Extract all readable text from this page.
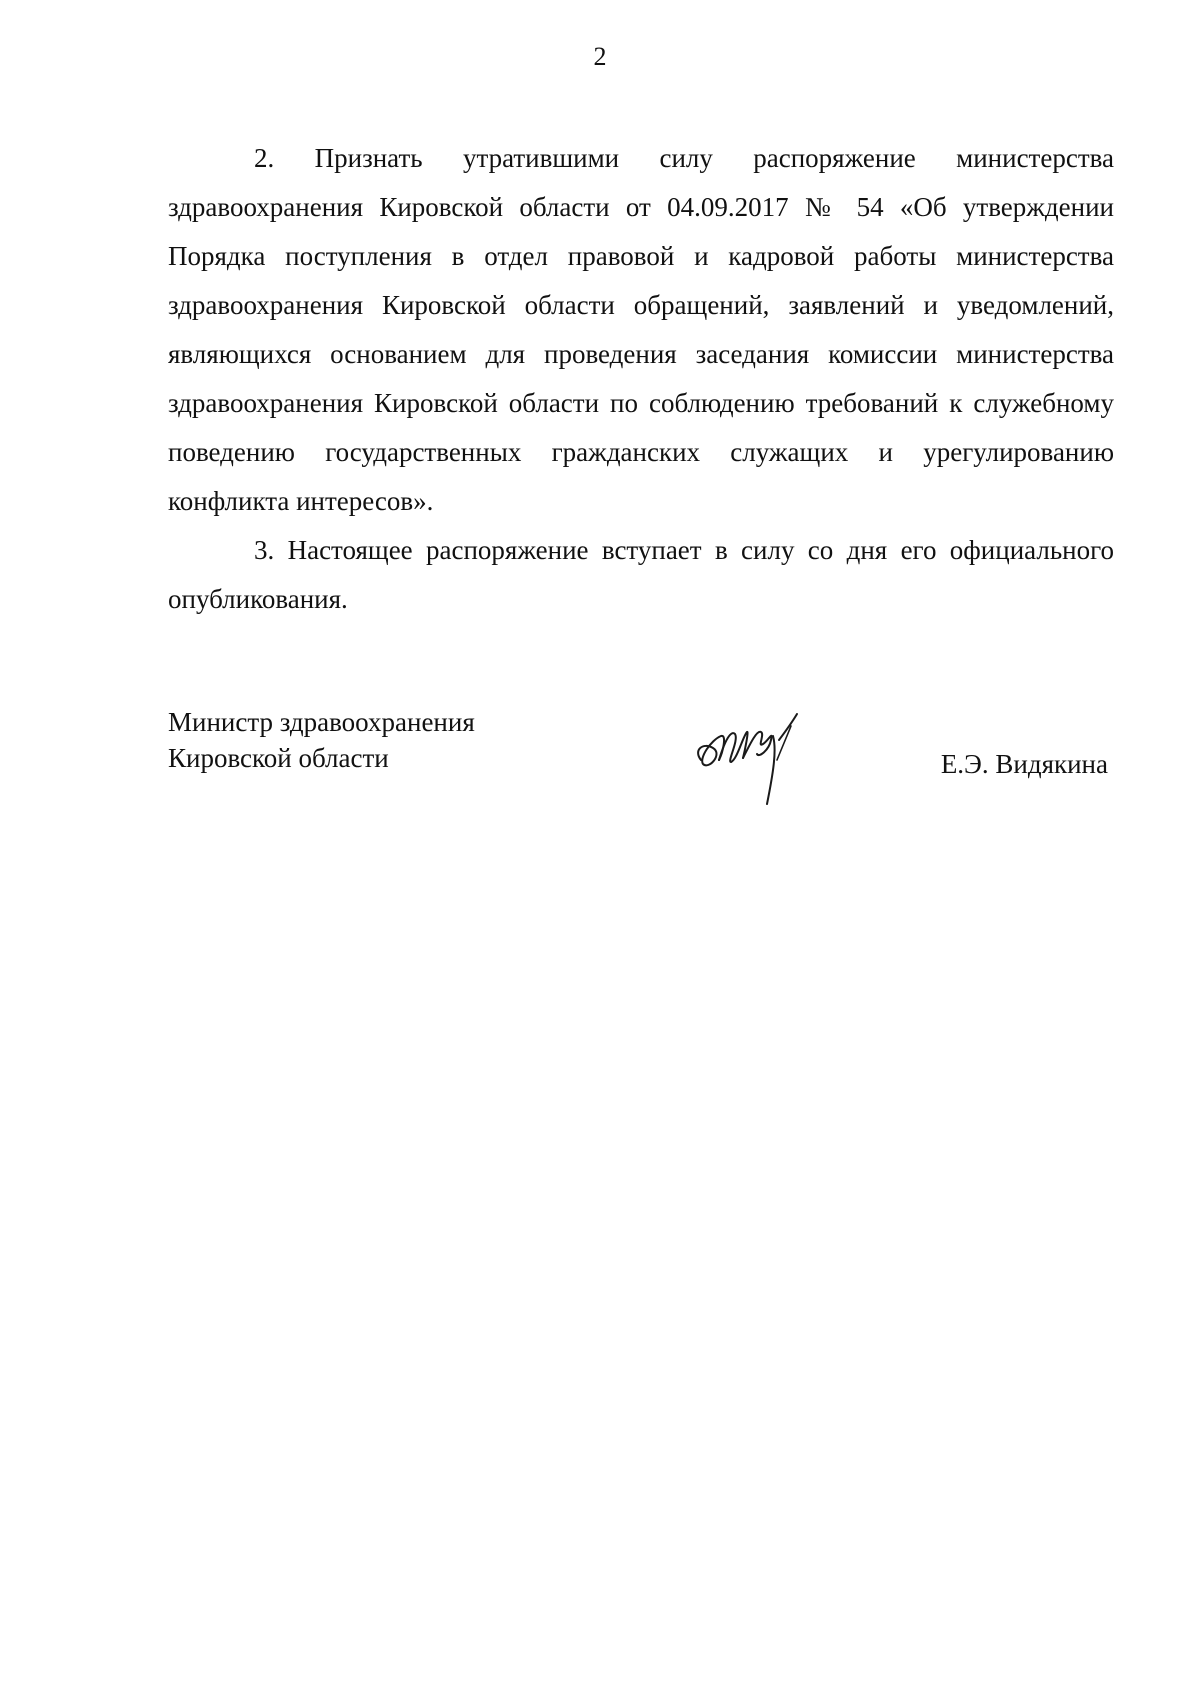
2

2. Признать утратившими силу распоряжение министерства здравоохранения Кировской области от 04.09.2017 № 54 «Об утверждении Порядка поступления в отдел правовой и кадровой работы министерства здравоохранения Кировской области обращений, заявлений и уведомлений, являющихся основанием для проведения заседания комиссии министерства здравоохранения Кировской области по соблюдению требований к служебному поведению государственных гражданских служащих и урегулированию конфликта интересов».

3. Настоящее распоряжение вступает в силу со дня его официального опубликования.

Министр здравоохранения
Кировской области	Е.Э. Видякина
